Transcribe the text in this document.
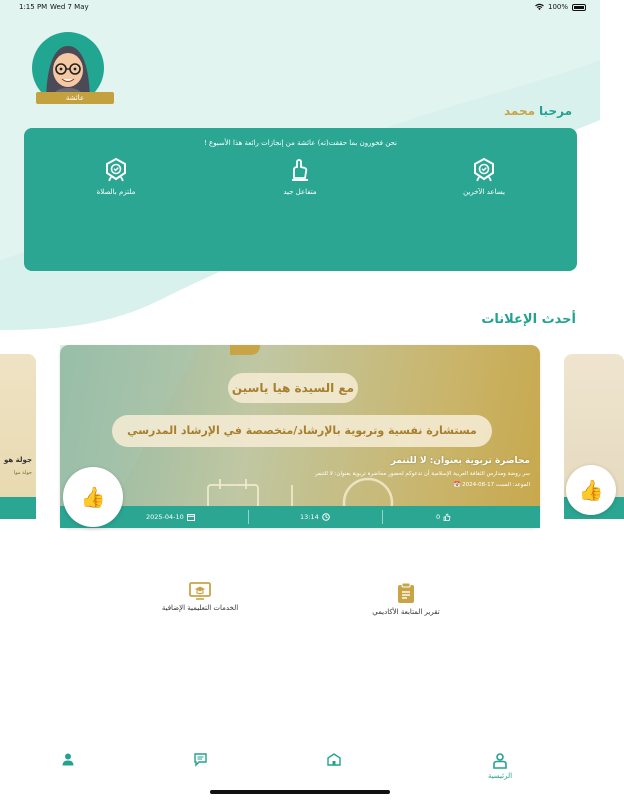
1:15 PM Wed 7 May	100%
عائشة
مرحبا
محمد
نحن فخورون بما حققت(ته) عائشة من إنجازات رائعة هذا الأسبوع !
ملتزم بالصلاة	متفاعل جيد	يساعد الآخرين
أحدث الإعلانات
جولة هو
جولة موا
مع السيدة هيا ياسين
مستشارة نفسية وتربوية بالإرشاد/متخصصة في الإرشاد المدرسي
محاضرة تربوية بعنوان: لا للتنمر
سر روضة ومدارس الثقافة العربية الإسلامية أن تدعوكم لحضور محاضرة تربوية بعنوان: لا للتنمر
الموعد: السبت 17-08-2024 📅
2025-04-10	13:14	0
👍	👍
الخدمات التعليمية الإضافية	تقرير المتابعة الأكاديمي
الرئيسية
